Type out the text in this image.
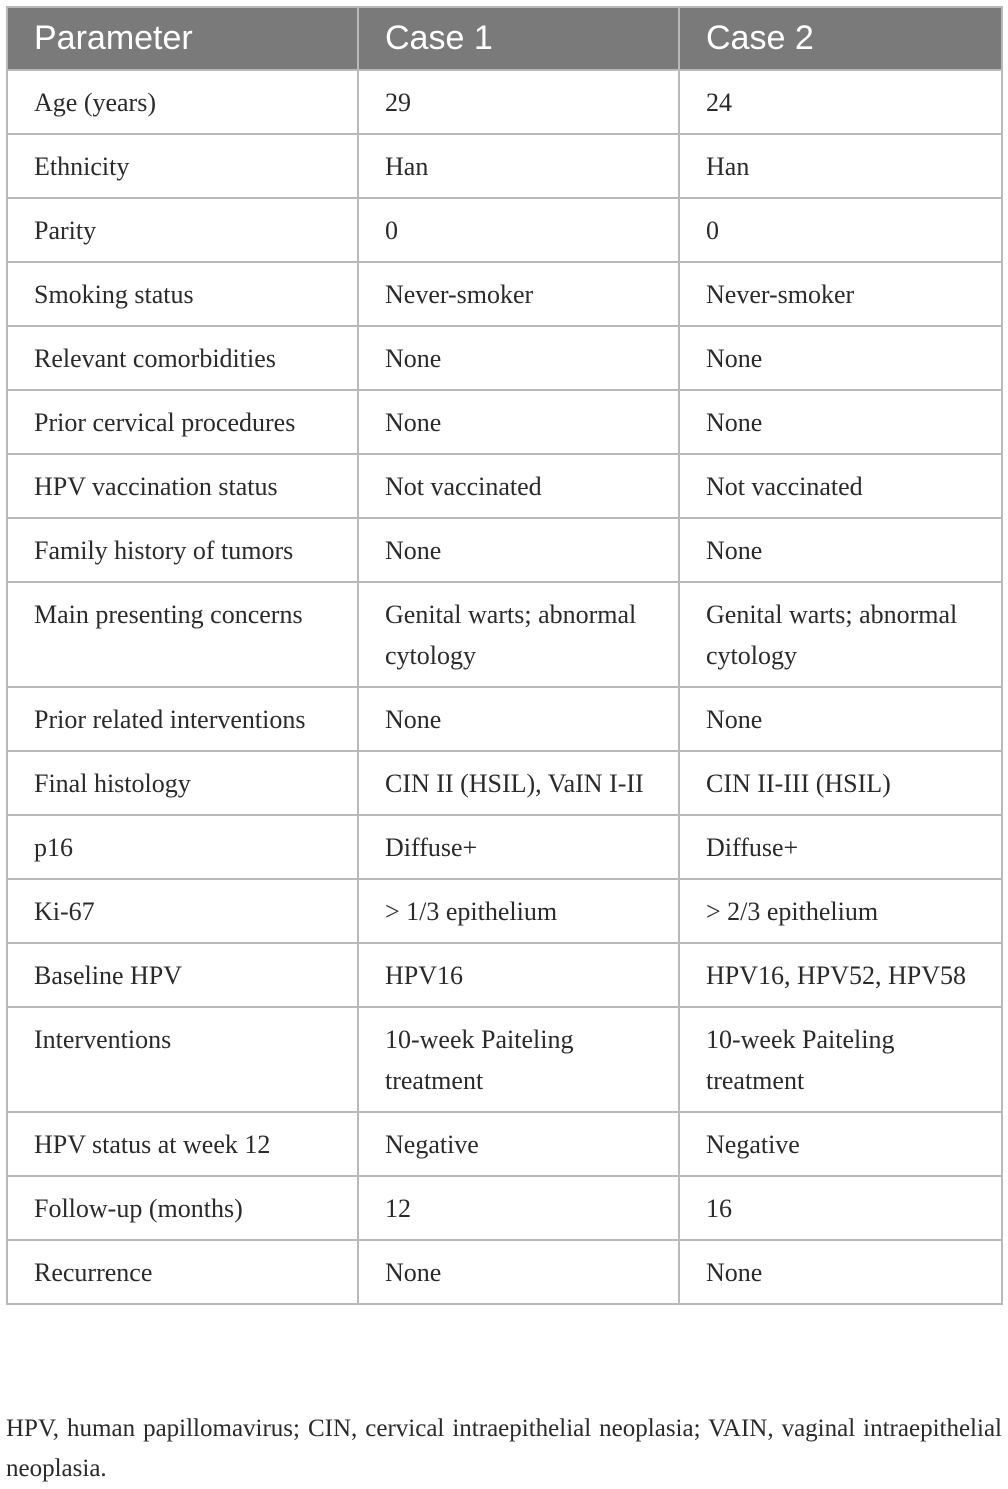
Parameter	Case 1	Case 2
Age (years)	29	24
Ethnicity	Han	Han
Parity	0	0
Smoking status	Never-smoker	Never-smoker
Relevant comorbidities	None	None
Prior cervical procedures	None	None
HPV vaccination status	Not vaccinated	Not vaccinated
Family history of tumors	None	None
Main presenting concerns	Genital warts; abnormal cytology	Genital warts; abnormal cytology
Prior related interventions	None	None
Final histology	CIN II (HSIL), VaIN I-II	CIN II-III (HSIL)
p16	Diffuse+	Diffuse+
Ki-67	> 1/3 epithelium	> 2/3 epithelium
Baseline HPV	HPV16	HPV16, HPV52, HPV58
Interventions	10-week Paiteling treatment	10-week Paiteling treatment
HPV status at week 12	Negative	Negative
Follow-up (months)	12	16
Recurrence	None	None
HPV, human papillomavirus; CIN, cervical intraepithelial neoplasia; VAIN, vaginal intraepithelial neoplasia.
